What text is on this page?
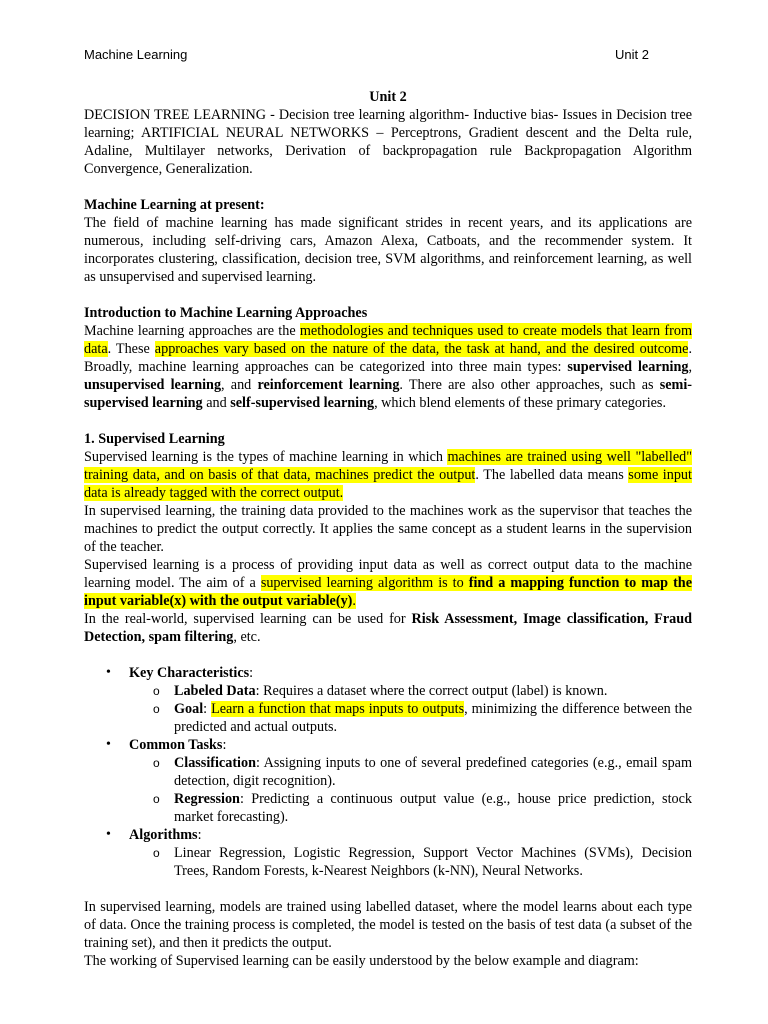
Machine Learning	Unit 2

Unit 2

DECISION TREE LEARNING - Decision tree learning algorithm- Inductive bias- Issues in Decision tree learning; ARTIFICIAL NEURAL NETWORKS – Perceptrons, Gradient descent and the Delta rule, Adaline, Multilayer networks, Derivation of backpropagation rule Backpropagation Algorithm Convergence, Generalization.

Machine Learning at present:

The field of machine learning has made significant strides in recent years, and its applications are numerous, including self-driving cars, Amazon Alexa, Catboats, and the recommender system. It incorporates clustering, classification, decision tree, SVM algorithms, and reinforcement learning, as well as unsupervised and supervised learning.

Introduction to Machine Learning Approaches

Machine learning approaches are the methodologies and techniques used to create models that learn from data. These approaches vary based on the nature of the data, the task at hand, and the desired outcome. Broadly, machine learning approaches can be categorized into three main types: supervised learning, unsupervised learning, and reinforcement learning. There are also other approaches, such as semi-supervised learning and self-supervised learning, which blend elements of these primary categories.

1. Supervised Learning

Supervised learning is the types of machine learning in which machines are trained using well "labelled" training data, and on basis of that data, machines predict the output. The labelled data means some input data is already tagged with the correct output.

In supervised learning, the training data provided to the machines work as the supervisor that teaches the machines to predict the output correctly. It applies the same concept as a student learns in the supervision of the teacher.

Supervised learning is a process of providing input data as well as correct output data to the machine learning model. The aim of a supervised learning algorithm is to find a mapping function to map the input variable(x) with the output variable(y).

In the real-world, supervised learning can be used for Risk Assessment, Image classification, Fraud Detection, spam filtering, etc.

• Key Characteristics:
o Labeled Data: Requires a dataset where the correct output (label) is known.
o Goal: Learn a function that maps inputs to outputs, minimizing the difference between the predicted and actual outputs.
• Common Tasks:
o Classification: Assigning inputs to one of several predefined categories (e.g., email spam detection, digit recognition).
o Regression: Predicting a continuous output value (e.g., house price prediction, stock market forecasting).
• Algorithms:
o Linear Regression, Logistic Regression, Support Vector Machines (SVMs), Decision Trees, Random Forests, k-Nearest Neighbors (k-NN), Neural Networks.

In supervised learning, models are trained using labelled dataset, where the model learns about each type of data. Once the training process is completed, the model is tested on the basis of test data (a subset of the training set), and then it predicts the output.

The working of Supervised learning can be easily understood by the below example and diagram:
